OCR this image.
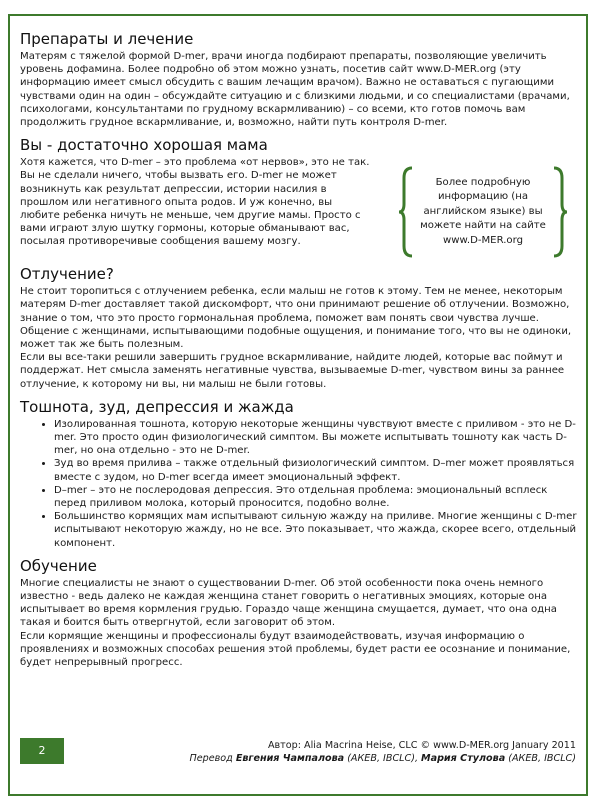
Препараты и лечение

Матерям с тяжелой формой D-mer, врачи иногда подбирают препараты, позволяющие увеличить уровень дофамина. Более подробно об этом можно узнать, посетив сайт www.D-MER.org (эту информацию имеет смысл обсудить с вашим лечащим врачом). Важно не оставаться с пугающими чувствами один на один – обсуждайте ситуацию и с близкими людьми, и со специалистами (врачами, психологами, консультантами по грудному вскармливанию) – со всеми, кто готов помочь вам продолжить грудное вскармливание, и, возможно, найти путь контроля D-mer.

Вы - достаточно хорошая мама

Хотя кажется, что D-mer – это проблема «от нервов», это не так. Вы не сделали ничего, чтобы вызвать его. D-mer не может возникнуть как результат депрессии, истории насилия в прошлом или негативного опыта родов. И уж конечно, вы любите ребенка ничуть не меньше, чем другие мамы. Просто с вами играют злую шутку гормоны, которые обманывают вас, посылая противоречивые сообщения вашему мозгу.

Более подробную информацию (на английском языке) вы можете найти на сайте www.D-MER.org
Отлучение?

Не стоит торопиться с отлучением ребенка, если малыш не готов к этому. Тем не менее, некоторым матерям D-mer доставляет такой дискомфорт, что они принимают решение об отлучении. Возможно, знание о том, что это просто гормональная проблема, поможет вам понять свои чувства лучше. Общение с женщинами, испытывающими подобные ощущения, и понимание того, что вы не одиноки, может так же быть полезным.

Если вы все-таки решили завершить грудное вскармливание, найдите людей, которые вас поймут и поддержат. Нет смысла заменять негативные чувства, вызываемые D-mer, чувством вины за раннее отлучение, к которому ни вы, ни малыш не были готовы.

Тошнота, зуд, депрессия и жажда
• Изолированная тошнота, которую некоторые женщины чувствуют вместе с приливом - это не D-mer. Это просто один физиологический симптом. Вы можете испытывать тошноту как часть D-mer, но она отдельно - это не D-mer.
• Зуд во время прилива – также отдельный физиологический симптом. D–mer может проявляться вместе с зудом, но D-mer всегда имеет эмоциональный эффект.
• D–mer – это не послеродовая депрессия. Это отдельная проблема: эмоциональный всплеск перед приливом молока, который проносится, подобно волне.
• Большинство кормящих мам испытывают сильную жажду на приливе. Многие женщины с D-mer испытывают некоторую жажду, но не все. Это показывает, что жажда, скорее всего, отдельный компонент.
Обучение

Многие специалисты не знают о существовании D-mer. Об этой особенности пока очень немного известно - ведь далеко не каждая женщина станет говорить о негативных эмоциях, которые она испытывает во время кормления грудью. Гораздо чаще женщина смущается, думает, что она одна такая и боится быть отвергнутой, если заговорит об этом.

Если кормящие женщины и профессионалы будут взаимодействовать, изучая информацию о проявлениях и возможных способах решения этой проблемы, будет расти ее осознание и понимание, будет непрерывный прогресс.

2	Автор: Alia Macrina Heise, CLC © www.D-MER.org January 2011
Перевод Евгения Чампалова (АКЕВ, IBCLC), Мария Стулова (АКЕВ, IBCLC)
